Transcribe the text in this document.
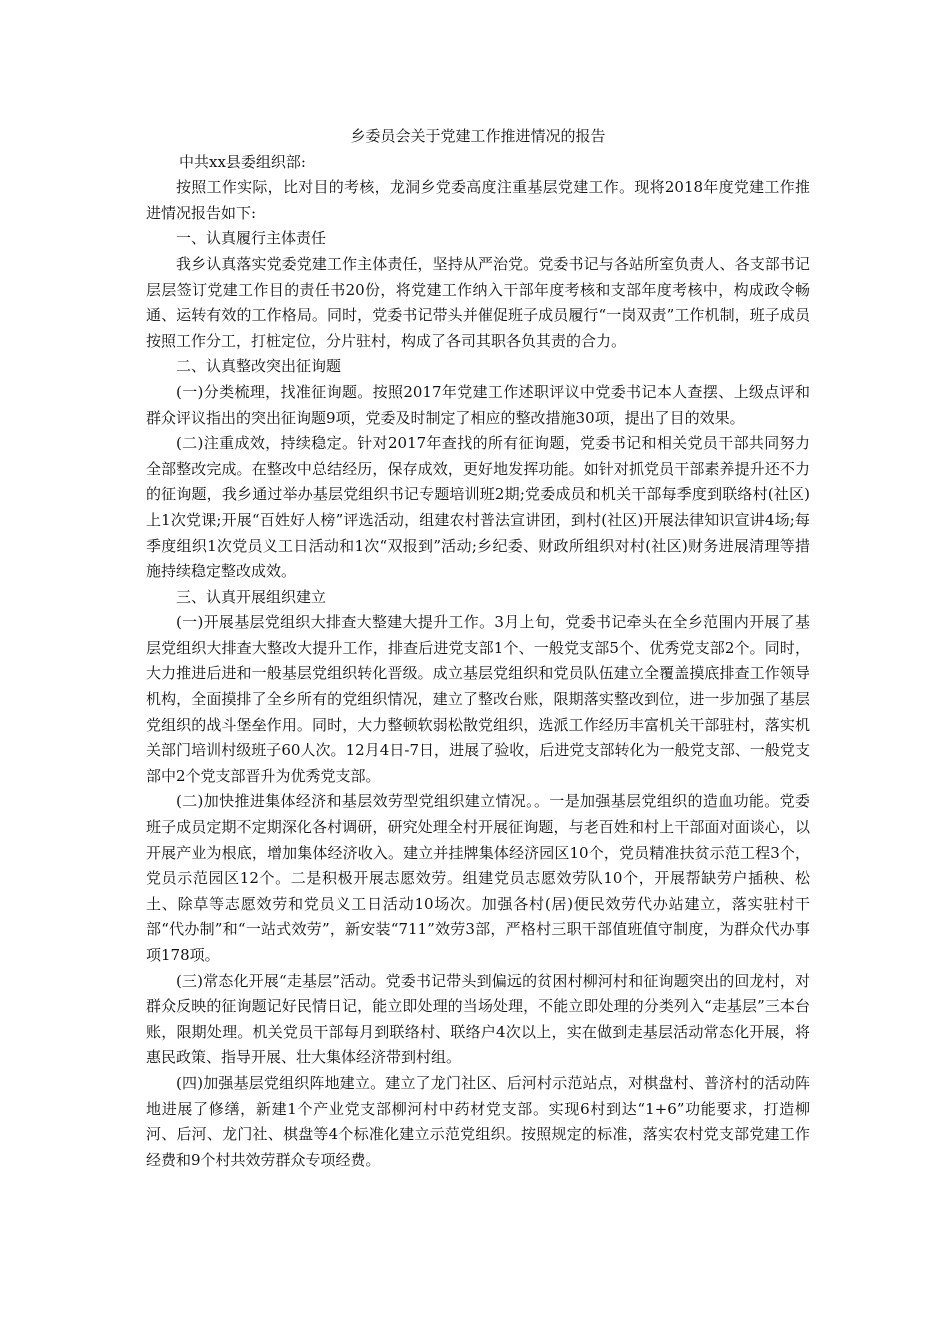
乡委员会关于党建工作推进情况的报告

中共xx县委组织部:

按照工作实际，比对目的考核，龙洞乡党委高度注重基层党建工作。现将2018年度党建工作推进情况报告如下:

一、认真履行主体责任

我乡认真落实党委党建工作主体责任，坚持从严治党。党委书记与各站所室负责人、各支部书记层层签订党建工作目的责任书20份，将党建工作纳入干部年度考核和支部年度考核中，构成政令畅通、运转有效的工作格局。同时，党委书记带头并催促班子成员履行“一岗双责”工作机制，班子成员按照工作分工，打桩定位，分片驻村，构成了各司其职各负其责的合力。

二、认真整改突出征询题

(一)分类梳理，找准征询题。按照2017年党建工作述职评议中党委书记本人查摆、上级点评和群众评议指出的突出征询题9项，党委及时制定了相应的整改措施30项，提出了目的效果。

(二)注重成效，持续稳定。针对2017年查找的所有征询题，党委书记和相关党员干部共同努力全部整改完成。在整改中总结经历，保存成效，更好地发挥功能。如针对抓党员干部素养提升还不力的征询题，我乡通过举办基层党组织书记专题培训班2期;党委成员和机关干部每季度到联络村(社区)上1次党课;开展“百姓好人榜”评选活动，组建农村普法宣讲团，到村(社区)开展法律知识宣讲4场;每季度组织1次党员义工日活动和1次“双报到”活动;乡纪委、财政所组织对村(社区)财务进展清理等措施持续稳定整改成效。

三、认真开展组织建立

(一)开展基层党组织大排查大整建大提升工作。3月上旬，党委书记牵头在全乡范围内开展了基层党组织大排查大整改大提升工作，排查后进党支部1个、一般党支部5个、优秀党支部2个。同时，大力推进后进和一般基层党组织转化晋级。成立基层党组织和党员队伍建立全覆盖摸底排查工作领导机构，全面摸排了全乡所有的党组织情况，建立了整改台账，限期落实整改到位，进一步加强了基层党组织的战斗堡垒作用。同时，大力整顿软弱松散党组织，选派工作经历丰富机关干部驻村，落实机关部门培训村级班子60人次。12月4日-7日，进展了验收，后进党支部转化为一般党支部、一般党支部中2个党支部晋升为优秀党支部。

(二)加快推进集体经济和基层效劳型党组织建立情况。。一是加强基层党组织的造血功能。党委班子成员定期不定期深化各村调研，研究处理全村开展征询题，与老百姓和村上干部面对面谈心，以开展产业为根底，增加集体经济收入。建立并挂牌集体经济园区10个，党员精准扶贫示范工程3个，党员示范园区12个。二是积极开展志愿效劳。组建党员志愿效劳队10个，开展帮缺劳户插秧、松土、除草等志愿效劳和党员义工日活动10场次。加强各村(居)便民效劳代办站建立，落实驻村干部“代办制”和“一站式效劳”，新安装“711”效劳3部，严格村三职干部值班值守制度，为群众代办事项178项。

(三)常态化开展“走基层”活动。党委书记带头到偏远的贫困村柳河村和征询题突出的回龙村，对群众反映的征询题记好民情日记，能立即处理的当场处理，不能立即处理的分类列入“走基层”三本台账，限期处理。机关党员干部每月到联络村、联络户4次以上，实在做到走基层活动常态化开展，将惠民政策、指导开展、壮大集体经济带到村组。

(四)加强基层党组织阵地建立。建立了龙门社区、后河村示范站点，对棋盘村、普济村的活动阵地进展了修缮，新建1个产业党支部柳河村中药材党支部。实现6村到达“1+6”功能要求，打造柳河、后河、龙门社、棋盘等4个标准化建立示范党组织。按照规定的标准，落实农村党支部党建工作经费和9个村共效劳群众专项经费。
